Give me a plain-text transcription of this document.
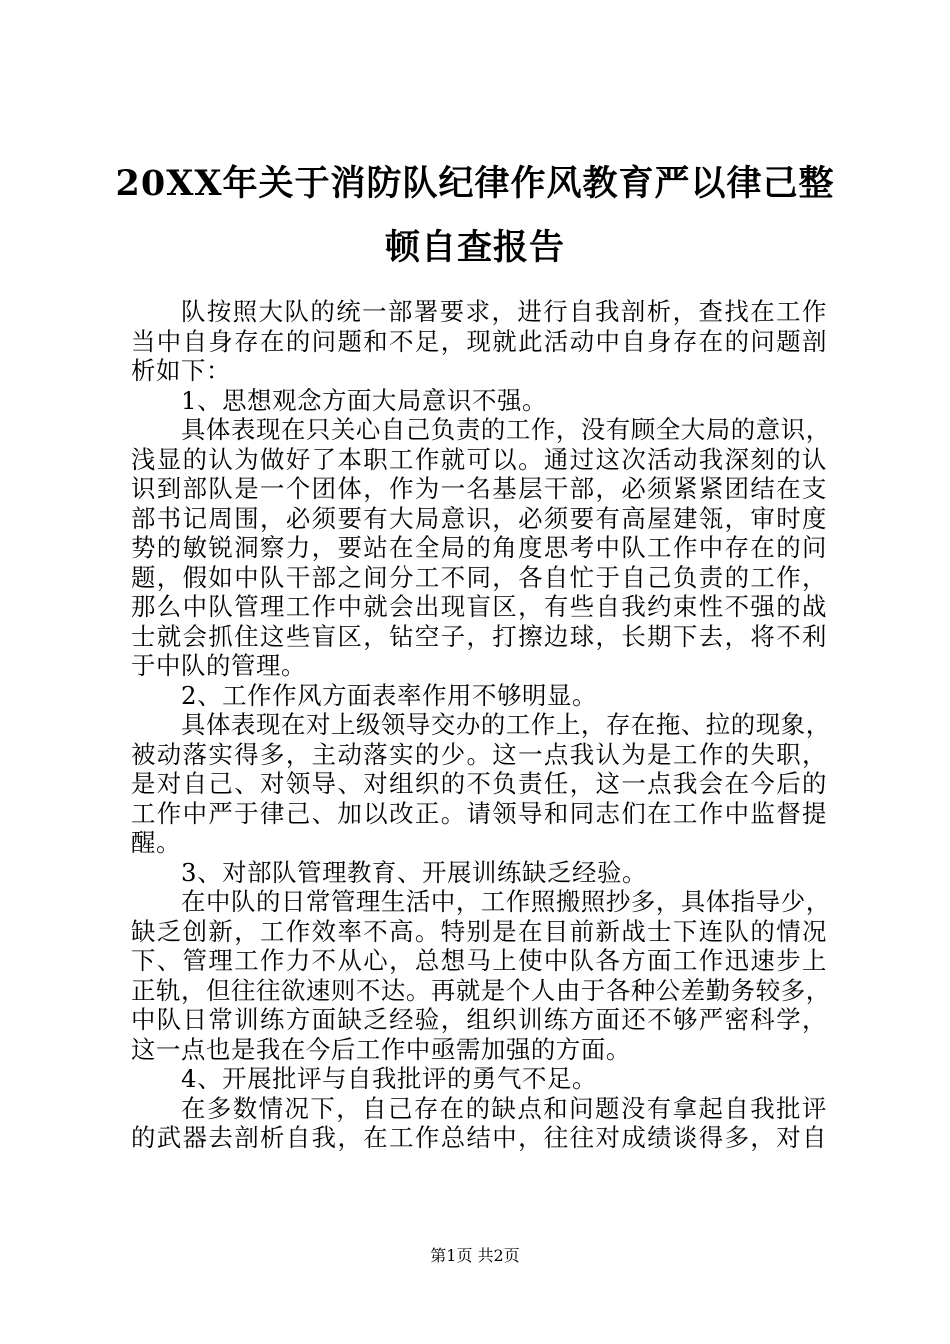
20XX年关于消防队纪律作风教育严以律己整
顿自查报告
队按照大队的统一部署要求，进行自我剖析，查找在工作
当中自身存在的问题和不足，现就此活动中自身存在的问题剖
析如下：
1、思想观念方面大局意识不强。
具体表现在只关心自己负责的工作，没有顾全大局的意识，
浅显的认为做好了本职工作就可以。通过这次活动我深刻的认
识到部队是一个团体，作为一名基层干部，必须紧紧团结在支
部书记周围，必须要有大局意识，必须要有高屋建瓴，审时度
势的敏锐洞察力，要站在全局的角度思考中队工作中存在的问
题，假如中队干部之间分工不同，各自忙于自己负责的工作，
那么中队管理工作中就会出现盲区，有些自我约束性不强的战
士就会抓住这些盲区，钻空子，打擦边球，长期下去，将不利
于中队的管理。
2、工作作风方面表率作用不够明显。
具体表现在对上级领导交办的工作上，存在拖、拉的现象，
被动落实得多，主动落实的少。这一点我认为是工作的失职，
是对自己、对领导、对组织的不负责任，这一点我会在今后的
工作中严于律己、加以改正。请领导和同志们在工作中监督提
醒。
3、对部队管理教育、开展训练缺乏经验。
在中队的日常管理生活中，工作照搬照抄多，具体指导少，
缺乏创新，工作效率不高。特别是在目前新战士下连队的情况
下、管理工作力不从心，总想马上使中队各方面工作迅速步上
正轨，但往往欲速则不达。再就是个人由于各种公差勤务较多，
中队日常训练方面缺乏经验，组织训练方面还不够严密科学，
这一点也是我在今后工作中亟需加强的方面。
4、开展批评与自我批评的勇气不足。
在多数情况下，自己存在的缺点和问题没有拿起自我批评
的武器去剖析自我，在工作总结中，往往对成绩谈得多，对自
第1页 共2页
